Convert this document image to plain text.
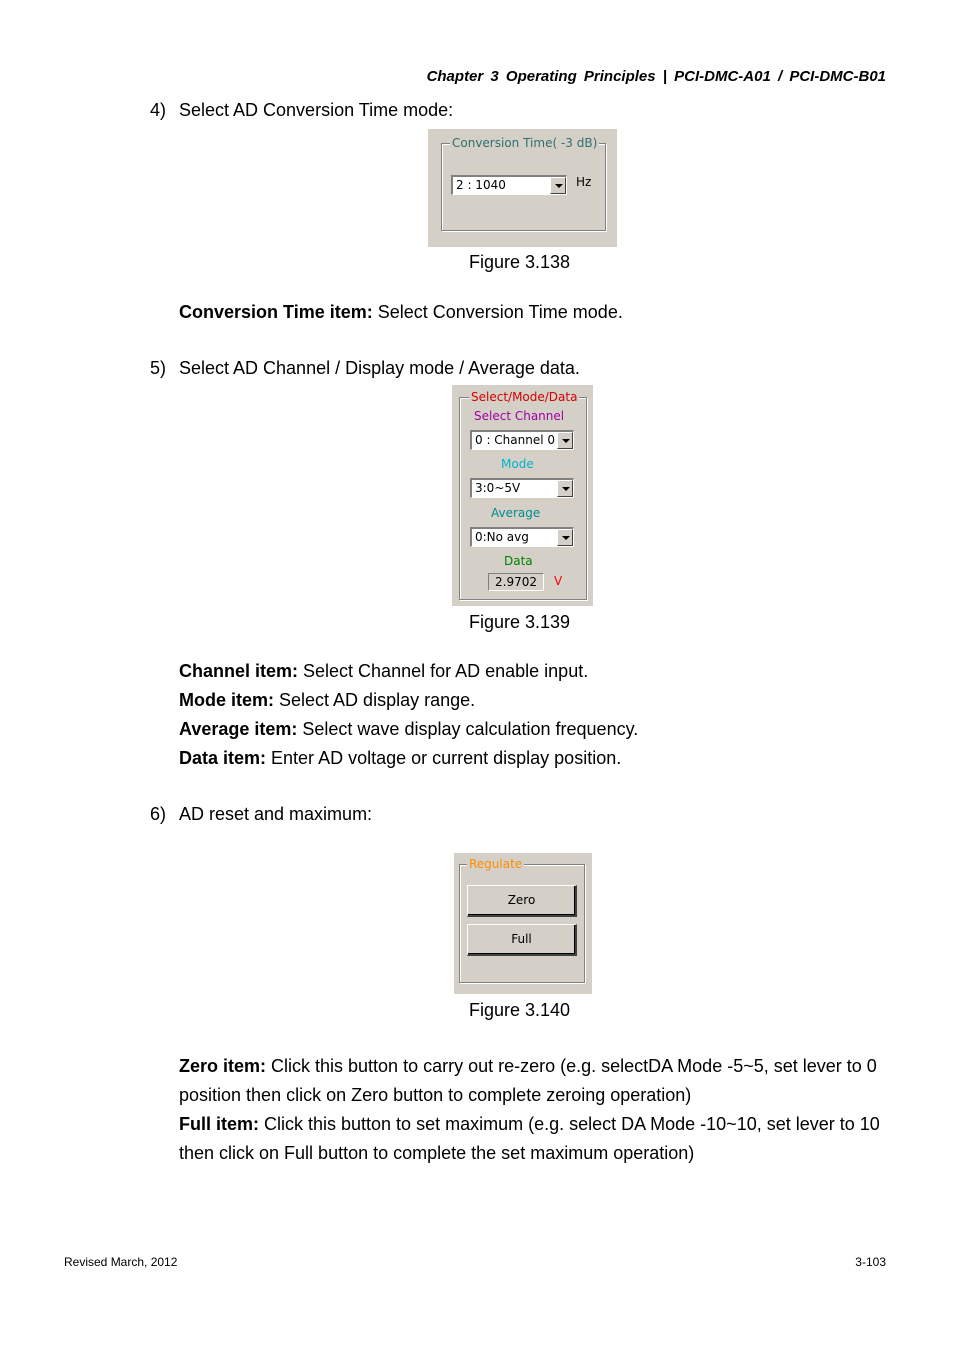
Chapter 3 Operating Principles | PCI-DMC-A01 / PCI-DMC-B01
4) Select AD Conversion Time mode:
Conversion Time( -3 dB)
2 : 1040	Hz
Figure 3.138
Conversion Time item: Select Conversion Time mode.
5) Select AD Channel / Display mode / Average data.
Select/Mode/Data
Select Channel
0 : Channel 0
Mode
3:0~5V
Average
0:No avg
Data
2.9702	V
Figure 3.139
Channel item: Select Channel for AD enable input.
Mode item: Select AD display range.
Average item: Select wave display calculation frequency.
Data item: Enter AD voltage or current display position.
6) AD reset and maximum:
Regulate
Zero
Full
Figure 3.140
Zero item: Click this button to carry out re-zero (e.g. selectDA Mode -5~5, set lever to 0 position then click on Zero button to complete zeroing operation)
Full item: Click this button to set maximum (e.g. select DA Mode -10~10, set lever to 10 then click on Full button to complete the set maximum operation)
Revised March, 2012	3-103
